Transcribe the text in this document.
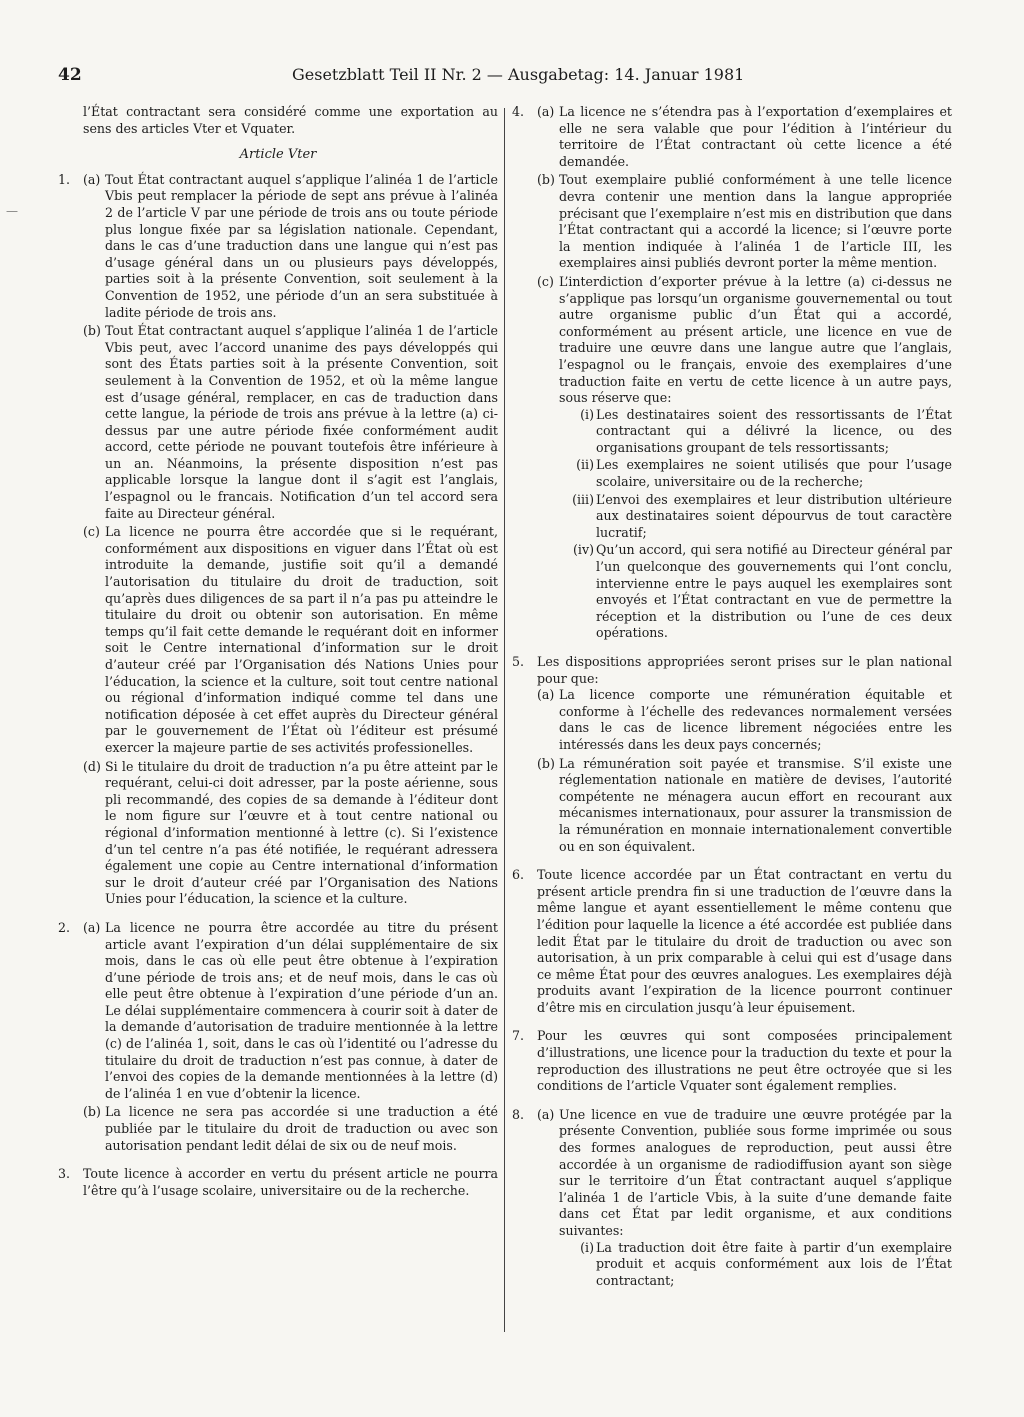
42	Gesetzblatt Teil II Nr. 2 — Ausgabetag: 14. Januar 1981
—

l’État contractant sera considéré comme une exportation au sens des articles Vter et Vquater.

Article Vter

1. (a) Tout État contractant auquel s’applique l’alinéa 1 de l’article Vbis peut remplacer la période de sept ans prévue à l’alinéa 2 de l’article V par une période de trois ans ou toute période plus longue fixée par sa législation nationale. Cependant, dans le cas d’une traduction dans une langue qui n’est pas d’usage général dans un ou plusieurs pays développés, parties soit à la présente Convention, soit seulement à la Convention de 1952, une période d’un an sera substituée à ladite période de trois ans.

(b) Tout État contractant auquel s’applique l’alinéa 1 de l’article Vbis peut, avec l’accord unanime des pays développés qui sont des États parties soit à la présente Convention, soit seulement à la Convention de 1952, et où la même langue est d’usage général, remplacer, en cas de traduction dans cette langue, la période de trois ans prévue à la lettre (a) ci-dessus par une autre période fixée conformément audit accord, cette période ne pouvant toutefois être inférieure à un an. Néanmoins, la présente disposition n’est pas applicable lorsque la langue dont il s’agit est l’anglais, l’espagnol ou le francais. Notification d’un tel accord sera faite au Directeur général.

(c) La licence ne pourra être accordée que si le requérant, conformément aux dispositions en viguer dans l’État où est introduite la demande, justifie soit qu’il a demandé l’autorisation du titulaire du droit de traduction, soit qu’après dues diligences de sa part il n’a pas pu atteindre le titulaire du droit ou obtenir son autorisation. En même temps qu’il fait cette demande le requérant doit en informer soit le Centre international d’information sur le droit d’auteur créé par l’Organisation dés Nations Unies pour l’éducation, la science et la culture, soit tout centre national ou régional d’information indiqué comme tel dans une notification déposée à cet effet auprès du Directeur général par le gouvernement de l’État où l’éditeur est présumé exercer la majeure partie de ses activités professionelles.

(d) Si le titulaire du droit de traduction n’a pu être atteint par le requérant, celui-ci doit adresser, par la poste aérienne, sous pli recommandé, des copies de sa demande à l’éditeur dont le nom figure sur l’œuvre et à tout centre national ou régional d’information mentionné à lettre (c). Si l’existence d’un tel centre n’a pas été notifiée, le requérant adressera également une copie au Centre international d’information sur le droit d’auteur créé par l’Organisation des Nations Unies pour l’éducation, la science et la culture.

2. (a) La licence ne pourra être accordée au titre du présent article avant l’expiration d’un délai supplémentaire de six mois, dans le cas où elle peut être obtenue à l’expiration d’une période de trois ans; et de neuf mois, dans le cas où elle peut être obtenue à l’expiration d’une période d’un an. Le délai supplémentaire commencera à courir soit à dater de la demande d’autorisation de traduire mentionnée à la lettre (c) de l’alinéa 1, soit, dans le cas où l’identité ou l’adresse du titulaire du droit de traduction n’est pas connue, à dater de l’envoi des copies de la demande mentionnées à la lettre (d) de l’alinéa 1 en vue d’obtenir la licence.

(b) La licence ne sera pas accordée si une traduction a été publiée par le titulaire du droit de traduction ou avec son autorisation pendant ledit délai de six ou de neuf mois.

3. Toute licence à accorder en vertu du présent article ne pourra l’être qu’à l’usage scolaire, universitaire ou de la recherche.

4. (a) La licence ne s’étendra pas à l’exportation d’exemplaires et elle ne sera valable que pour l’édition à l’intérieur du territoire de l’État contractant où cette licence a été demandée.

(b) Tout exemplaire publié conformément à une telle licence devra contenir une mention dans la langue appropriée précisant que l’exemplaire n’est mis en distribution que dans l’État contractant qui a accordé la licence; si l’œuvre porte la mention indiquée à l’alinéa 1 de l’article III, les exemplaires ainsi publiés devront porter la même mention.

(c) L’interdiction d’exporter prévue à la lettre (a) ci-dessus ne s’applique pas lorsqu’un organisme gouvernemental ou tout autre organisme public d’un État qui a accordé, conformément au présent article, une licence en vue de traduire une œuvre dans une langue autre que l’anglais, l’espagnol ou le français, envoie des exemplaires d’une traduction faite en vertu de cette licence à un autre pays, sous réserve que:

(i) Les destinataires soient des ressortissants de l’État contractant qui a délivré la licence, ou des organisations groupant de tels ressortissants;

(ii) Les exemplaires ne soient utilisés que pour l’usage scolaire, universitaire ou de la recherche;

(iii) L’envoi des exemplaires et leur distribution ultérieure aux destinataires soient dépourvus de tout caractère lucratif;

(iv) Qu’un accord, qui sera notifié au Directeur général par l’un quelconque des gouvernements qui l’ont conclu, intervienne entre le pays auquel les exemplaires sont envoyés et l’État contractant en vue de permettre la réception et la distribution ou l’une de ces deux opérations.

5. Les dispositions appropriées seront prises sur le plan national pour que:

(a) La licence comporte une rémunération équitable et conforme à l’échelle des redevances normalement versées dans le cas de licence librement négociées entre les intéressés dans les deux pays concernés;

(b) La rémunération soit payée et transmise. S’il existe une réglementation nationale en matière de devises, l’autorité compétente ne ménagera aucun effort en recourant aux mécanismes internationaux, pour assurer la transmission de la rémunération en monnaie internationalement convertible ou en son équivalent.

6. Toute licence accordée par un État contractant en vertu du présent article prendra fin si une traduction de l’œuvre dans la même langue et ayant essentiellement le même contenu que l’édition pour laquelle la licence a été accordée est publiée dans ledit État par le titulaire du droit de traduction ou avec son autorisation, à un prix comparable à celui qui est d’usage dans ce même État pour des œuvres analogues. Les exemplaires déjà produits avant l’expiration de la licence pourront continuer d’être mis en circulation jusqu’à leur épuisement.

7. Pour les œuvres qui sont composées principalement d’illustrations, une licence pour la traduction du texte et pour la reproduction des illustrations ne peut être octroyée que si les conditions de l’article Vquater sont également remplies.

8. (a) Une licence en vue de traduire une œuvre protégée par la présente Convention, publiée sous forme imprimée ou sous des formes analogues de reproduction, peut aussi être accordée à un organisme de radiodiffusion ayant son siège sur le territoire d’un État contractant auquel s’applique l’alinéa 1 de l’article Vbis, à la suite d’une demande faite dans cet État par ledit organisme, et aux conditions suivantes:

(i) La traduction doit être faite à partir d’un exemplaire produit et acquis conformément aux lois de l’État contractant;
